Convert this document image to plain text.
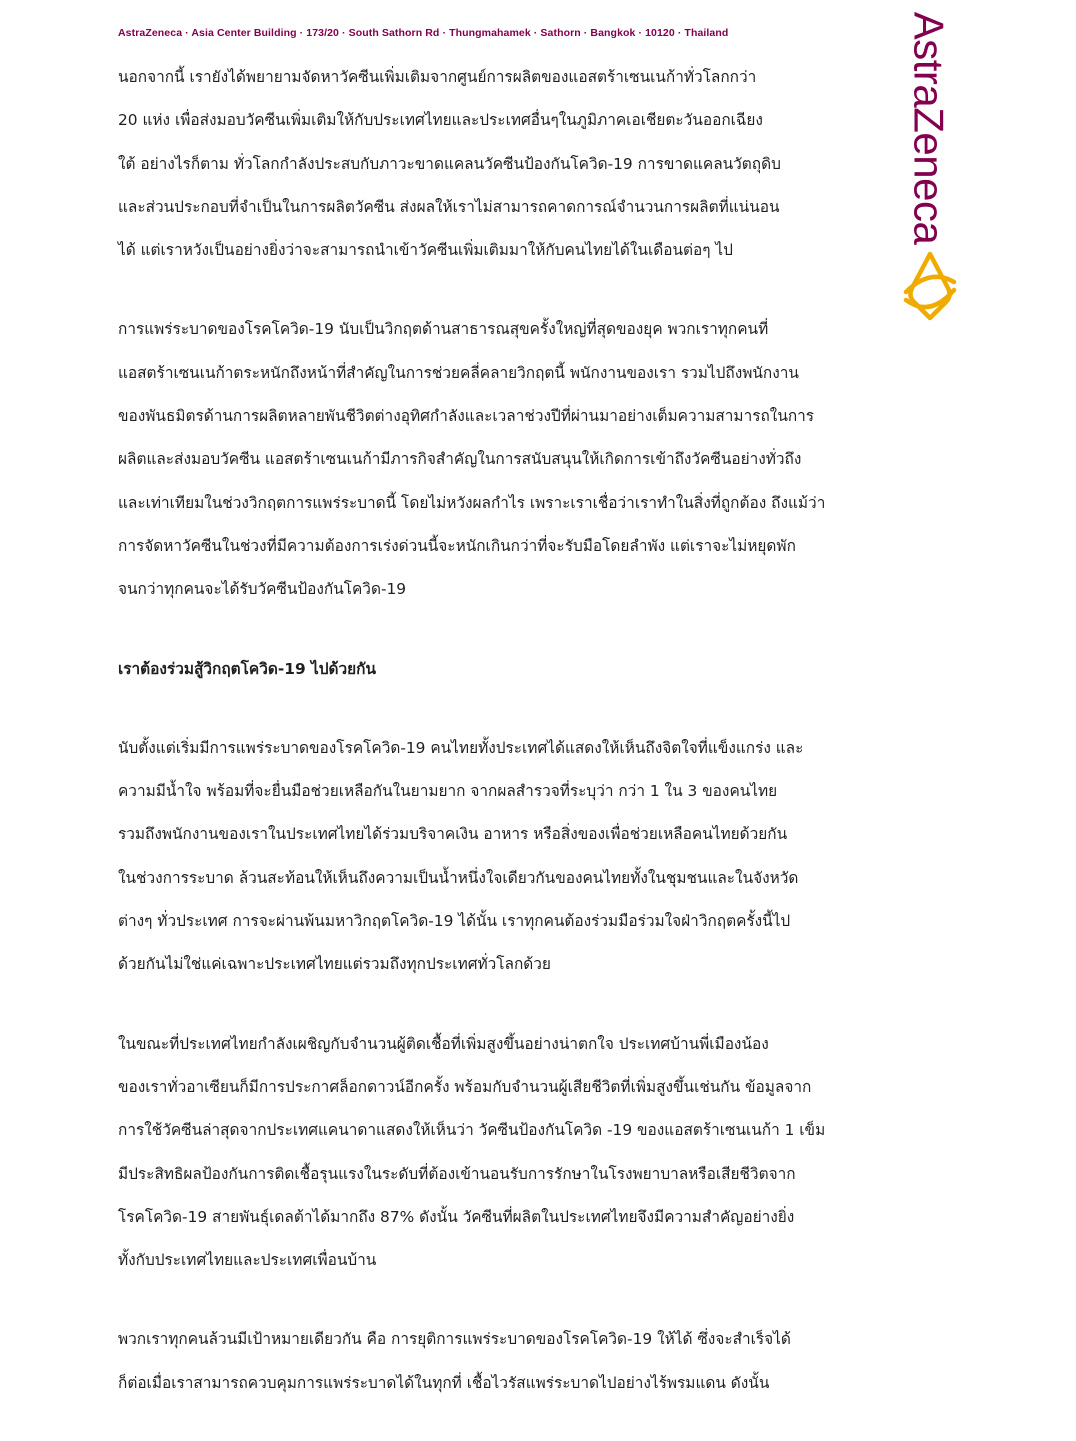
AstraZeneca · Asia Center Building · 173/20 · South Sathorn Rd · Thungmahamek · Sathorn · Bangkok · 10120 · Thailand	AstraZeneca
นอกจากนี้ เรายังได้พยายามจัดหาวัคซีนเพิ่มเติมจากศูนย์การผลิตของแอสตร้าเซนเนก้าทั่วโลกกว่า
20 แห่ง เพื่อส่งมอบวัคซีนเพิ่มเติมให้กับประเทศไทยและประเทศอื่นๆในภูมิภาคเอเชียตะวันออกเฉียง
ใต้ อย่างไรก็ตาม ทั่วโลกกำลังประสบกับภาวะขาดแคลนวัคซีนป้องกันโควิด-19 การขาดแคลนวัตถุดิบ
และส่วนประกอบที่จำเป็นในการผลิตวัคซีน ส่งผลให้เราไม่สามารถคาดการณ์จำนวนการผลิตที่แน่นอน
ได้ แต่เราหวังเป็นอย่างยิ่งว่าจะสามารถนำเข้าวัคซีนเพิ่มเติมมาให้กับคนไทยได้ในเดือนต่อๆ ไป
การแพร่ระบาดของโรคโควิด-19 นับเป็นวิกฤตด้านสาธารณสุขครั้งใหญ่ที่สุดของยุค พวกเราทุกคนที่
แอสตร้าเซนเนก้าตระหนักถึงหน้าที่สำคัญในการช่วยคลี่คลายวิกฤตนี้ พนักงานของเรา รวมไปถึงพนักงาน
ของพันธมิตรด้านการผลิตหลายพันชีวิตต่างอุทิศกำลังและเวลาช่วงปีที่ผ่านมาอย่างเต็มความสามารถในการ
ผลิตและส่งมอบวัคซีน แอสตร้าเซนเนก้ามีภารกิจสำคัญในการสนับสนุนให้เกิดการเข้าถึงวัคซีนอย่างทั่วถึง
และเท่าเทียมในช่วงวิกฤตการแพร่ระบาดนี้ โดยไม่หวังผลกำไร เพราะเราเชื่อว่าเราทำในสิ่งที่ถูกต้อง ถึงแม้ว่า
การจัดหาวัคซีนในช่วงที่มีความต้องการเร่งด่วนนี้จะหนักเกินกว่าที่จะรับมือโดยลำพัง แต่เราจะไม่หยุดพัก
จนกว่าทุกคนจะได้รับวัคซีนป้องกันโควิด-19
เราต้องร่วมสู้วิกฤตโควิด-19 ไปด้วยกัน
นับตั้งแต่เริ่มมีการแพร่ระบาดของโรคโควิด-19 คนไทยทั้งประเทศได้แสดงให้เห็นถึงจิตใจที่แข็งแกร่ง และ
ความมีน้ำใจ พร้อมที่จะยื่นมือช่วยเหลือกันในยามยาก จากผลสำรวจที่ระบุว่า กว่า 1 ใน 3 ของคนไทย
รวมถึงพนักงานของเราในประเทศไทยได้ร่วมบริจาคเงิน อาหาร หรือสิ่งของเพื่อช่วยเหลือคนไทยด้วยกัน
ในช่วงการระบาด ล้วนสะท้อนให้เห็นถึงความเป็นน้ำหนึ่งใจเดียวกันของคนไทยทั้งในชุมชนและในจังหวัด
ต่างๆ ทั่วประเทศ การจะผ่านพ้นมหาวิกฤตโควิด-19 ได้นั้น เราทุกคนต้องร่วมมือร่วมใจฝ่าวิกฤตครั้งนี้ไป
ด้วยกันไม่ใช่แค่เฉพาะประเทศไทยแต่รวมถึงทุกประเทศทั่วโลกด้วย
ในขณะที่ประเทศไทยกำลังเผชิญกับจำนวนผู้ติดเชื้อที่เพิ่มสูงขึ้นอย่างน่าตกใจ ประเทศบ้านพี่เมืองน้อง
ของเราทั่วอาเซียนก็มีการประกาศล็อกดาวน์อีกครั้ง พร้อมกับจำนวนผู้เสียชีวิตที่เพิ่มสูงขึ้นเช่นกัน ข้อมูลจาก
การใช้วัคซีนล่าสุดจากประเทศแคนาดาแสดงให้เห็นว่า วัคซีนป้องกันโควิด -19 ของแอสตร้าเซนเนก้า 1 เข็ม
มีประสิทธิผลป้องกันการติดเชื้อรุนแรงในระดับที่ต้องเข้านอนรับการรักษาในโรงพยาบาลหรือเสียชีวิตจาก
โรคโควิด-19 สายพันธุ์เดลต้าได้มากถึง 87% ดังนั้น วัคซีนที่ผลิตในประเทศไทยจึงมีความสำคัญอย่างยิ่ง
ทั้งกับประเทศไทยและประเทศเพื่อนบ้าน
พวกเราทุกคนล้วนมีเป้าหมายเดียวกัน คือ การยุติการแพร่ระบาดของโรคโควิด-19 ให้ได้ ซึ่งจะสำเร็จได้
ก็ต่อเมื่อเราสามารถควบคุมการแพร่ระบาดได้ในทุกที่ เชื้อไวรัสแพร่ระบาดไปอย่างไร้พรมแดน ดังนั้น
